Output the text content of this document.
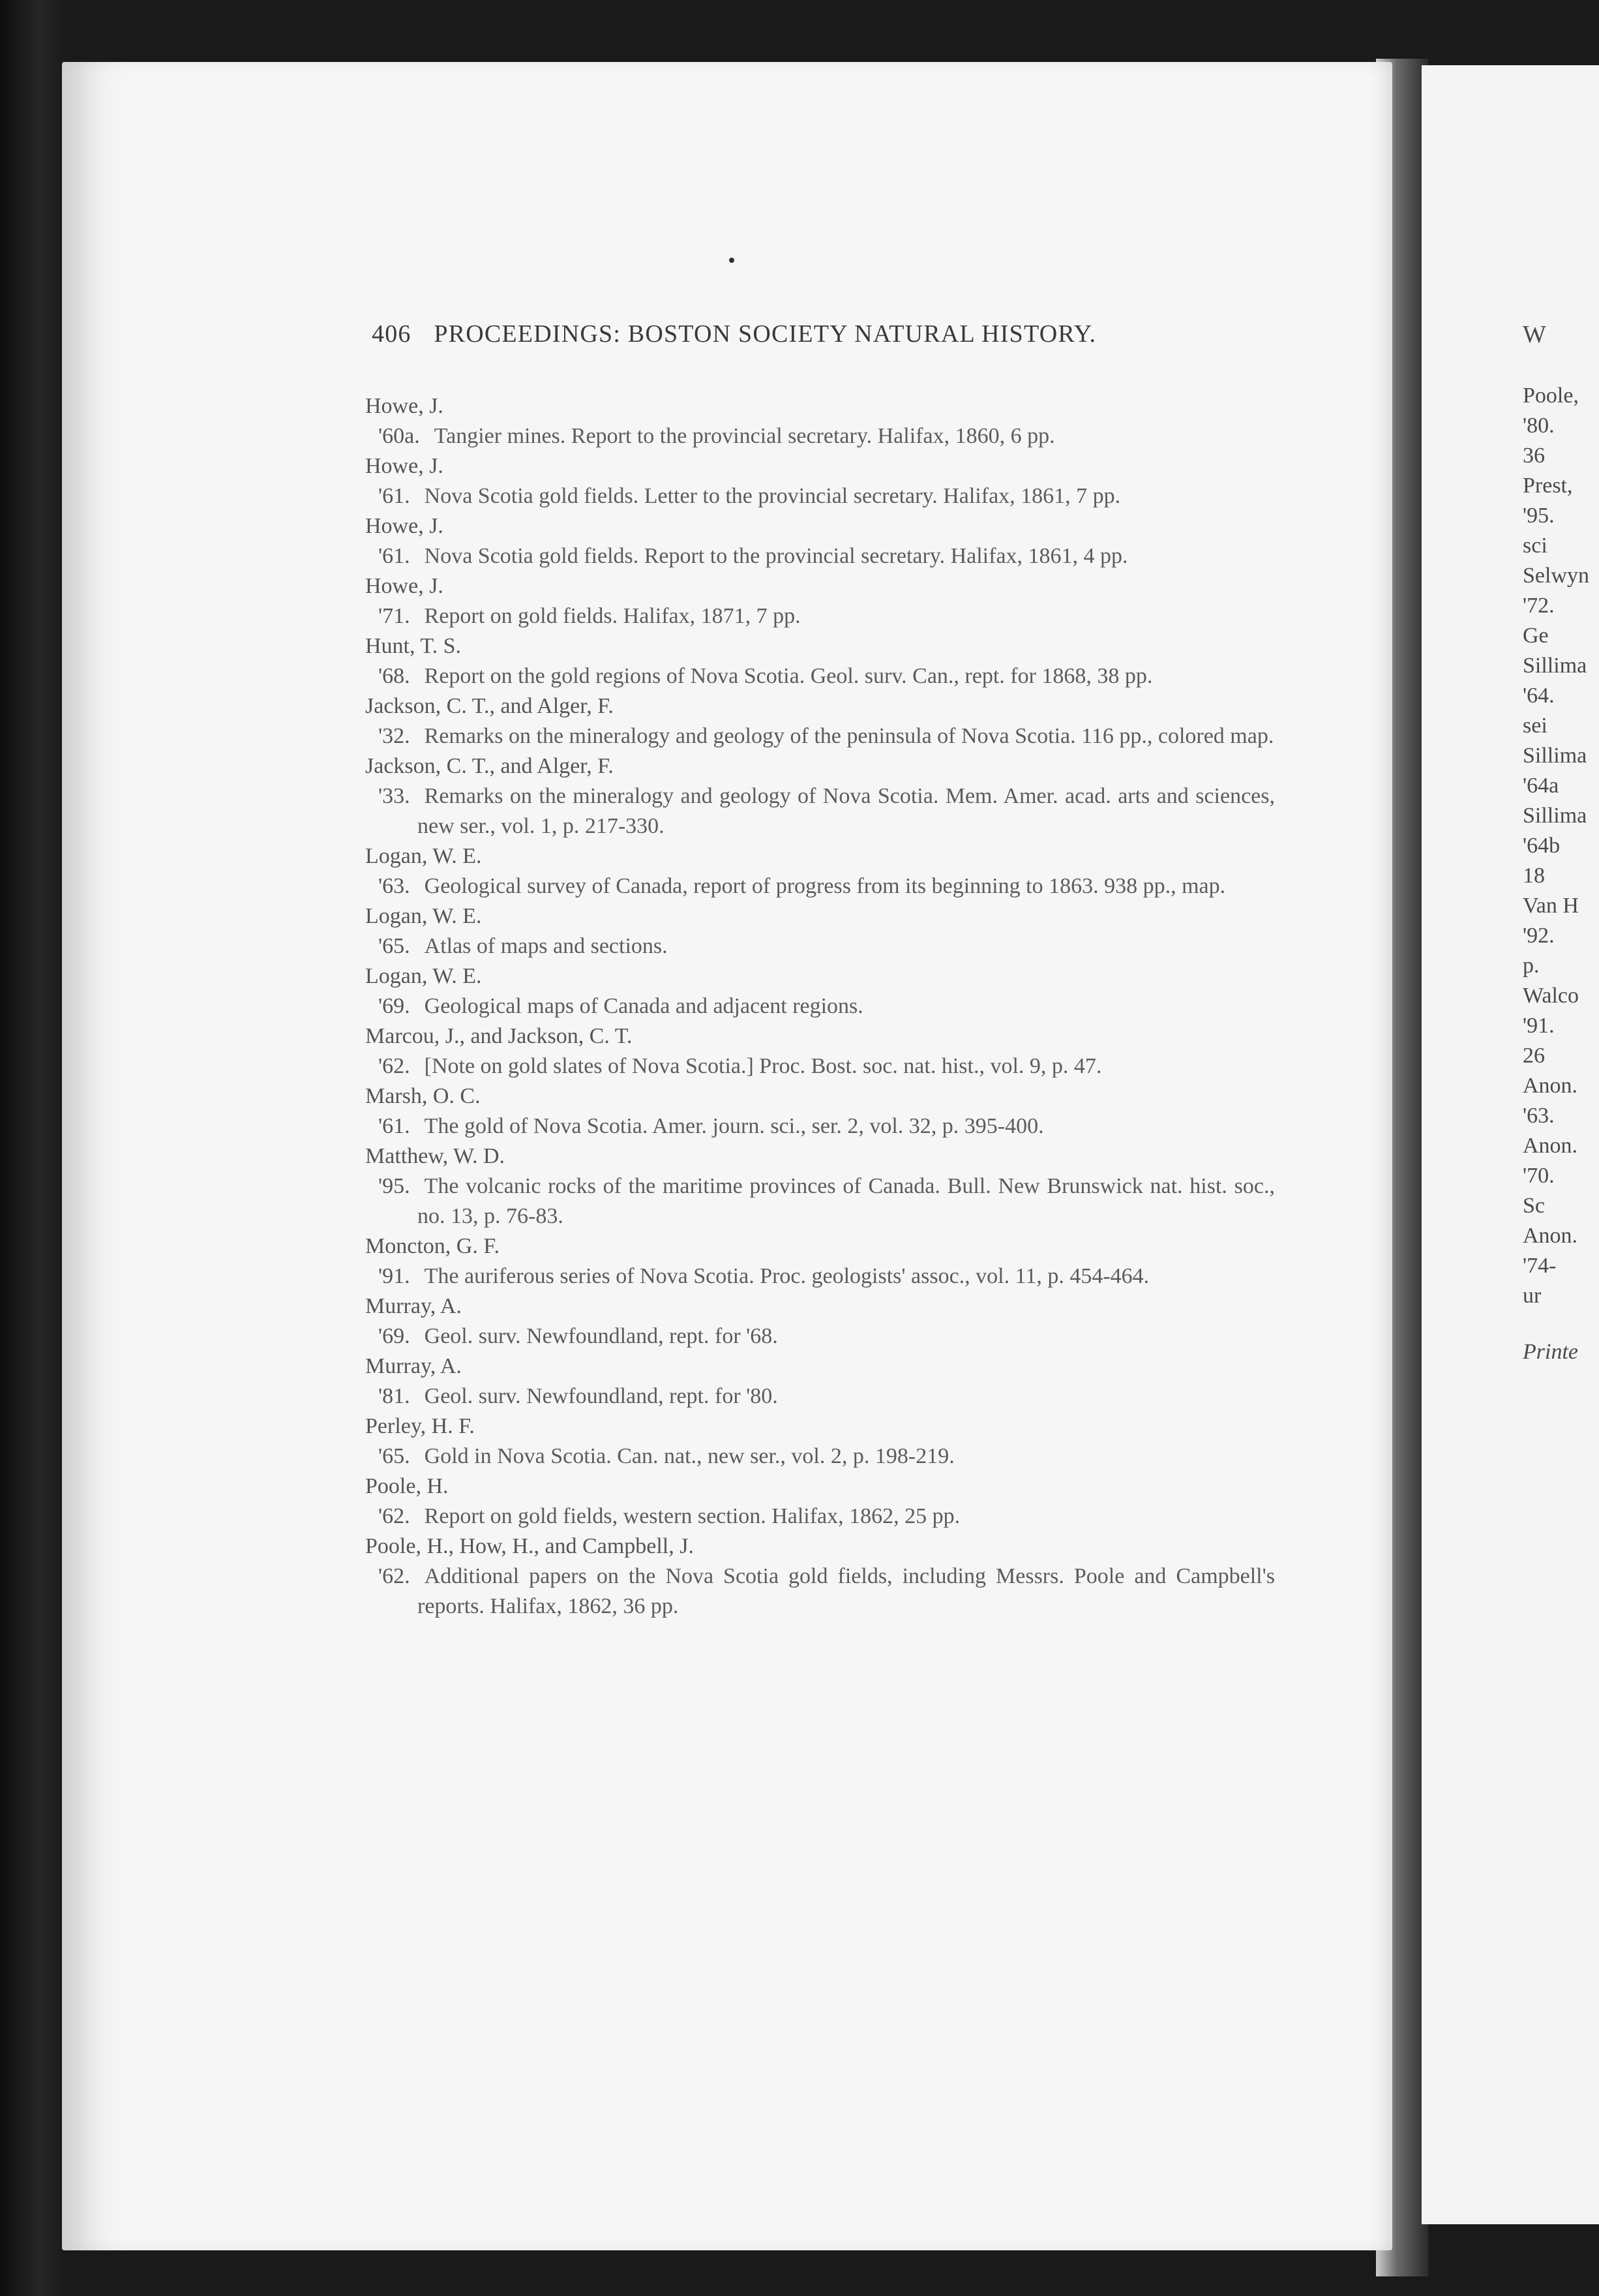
W
Poole,
'80.
36
Prest,
'95.
sci
Selwyn
'72.
Ge
Sillima
'64.
sei
Sillima
'64a
Sillima
'64b
18
Van H
'92.
p.
Walco
'91.
26
Anon.
'63.
Anon.
'70.
Sc
Anon.
'74-
ur
Printe
406 PROCEEDINGS: BOSTON SOCIETY NATURAL HISTORY.
Howe, J.
'60a. Tangier mines. Report to the provincial secretary. Halifax, 1860, 6 pp.
Howe, J.
'61. Nova Scotia gold fields. Letter to the provincial secretary. Halifax, 1861, 7 pp.
Howe, J.
'61. Nova Scotia gold fields. Report to the provincial secretary. Halifax, 1861, 4 pp.
Howe, J.
'71. Report on gold fields. Halifax, 1871, 7 pp.
Hunt, T. S.
'68. Report on the gold regions of Nova Scotia. Geol. surv. Can., rept. for 1868, 38 pp.
Jackson, C. T., and Alger, F.
'32. Remarks on the mineralogy and geology of the peninsula of Nova Scotia. 116 pp., colored map.
Jackson, C. T., and Alger, F.
'33. Remarks on the mineralogy and geology of Nova Scotia. Mem. Amer. acad. arts and sciences, new ser., vol. 1, p. 217-330.
Logan, W. E.
'63. Geological survey of Canada, report of progress from its beginning to 1863. 938 pp., map.
Logan, W. E.
'65. Atlas of maps and sections.
Logan, W. E.
'69. Geological maps of Canada and adjacent regions.
Marcou, J., and Jackson, C. T.
'62. [Note on gold slates of Nova Scotia.] Proc. Bost. soc. nat. hist., vol. 9, p. 47.
Marsh, O. C.
'61. The gold of Nova Scotia. Amer. journ. sci., ser. 2, vol. 32, p. 395-400.
Matthew, W. D.
'95. The volcanic rocks of the maritime provinces of Canada. Bull. New Brunswick nat. hist. soc., no. 13, p. 76-83.
Moncton, G. F.
'91. The auriferous series of Nova Scotia. Proc. geologists' assoc., vol. 11, p. 454-464.
Murray, A.
'69. Geol. surv. Newfoundland, rept. for '68.
Murray, A.
'81. Geol. surv. Newfoundland, rept. for '80.
Perley, H. F.
'65. Gold in Nova Scotia. Can. nat., new ser., vol. 2, p. 198-219.
Poole, H.
'62. Report on gold fields, western section. Halifax, 1862, 25 pp.
Poole, H., How, H., and Campbell, J.
'62. Additional papers on the Nova Scotia gold fields, including Messrs. Poole and Campbell's reports. Halifax, 1862, 36 pp.
